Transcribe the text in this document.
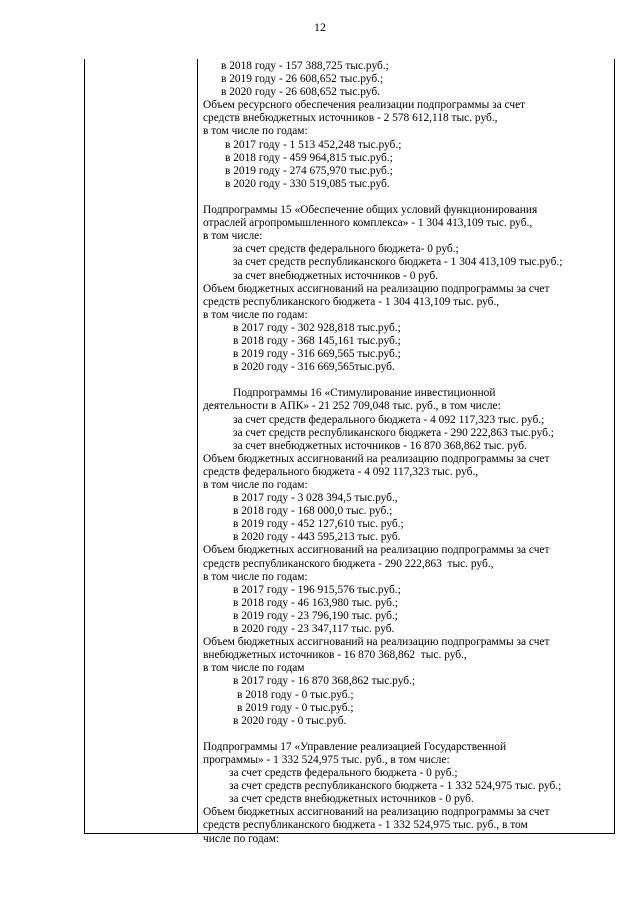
12
в 2018 году - 157 388,725 тыс.руб.;
в 2019 году - 26 608,652 тыс.руб.;
в 2020 году - 26 608,652 тыс.руб.
Объем ресурсного обеспечения реализации подпрограммы за счет
средств внебюджетных источников - 2 578 612,118 тыс. руб.,
в том числе по годам:
в 2017 году - 1 513 452,248 тыс.руб.;
в 2018 году - 459 964,815 тыс.руб.;
в 2019 году - 274 675,970 тыс.руб.;
в 2020 году - 330 519,085 тыс.руб.
Подпрограммы 15 «Обеспечение общих условий функционирования
отраслей агропромышленного комплекса» - 1 304 413,109 тыс. руб.,
в том числе:
за счет средств федерального бюджета- 0 руб.;
за счет средств республиканского бюджета - 1 304 413,109 тыс.руб.;
за счет внебюджетных источников - 0 руб.
Объем бюджетных ассигнований на реализацию подпрограммы за счет
средств республиканского бюджета - 1 304 413,109 тыс. руб.,
в том числе по годам:
в 2017 году - 302 928,818 тыс.руб.;
в 2018 году - 368 145,161 тыс.руб.;
в 2019 году - 316 669,565 тыс.руб.;
в 2020 году - 316 669,565тыс.руб.
Подпрограммы 16 «Стимулирование инвестиционной
деятельности в АПК» - 21 252 709,048 тыс. руб., в том числе:
за счет средств федерального бюджета - 4 092 117,323 тыс. руб.;
за счет средств республиканского бюджета - 290 222,863 тыс.руб.;
за счет внебюджетных источников - 16 870 368,862 тыс. руб.
Объем бюджетных ассигнований на реализацию подпрограммы за счет
средств федерального бюджета - 4 092 117,323 тыс. руб.,
в том числе по годам:
в 2017 году - 3 028 394,5 тыс.руб.,
в 2018 году - 168 000,0 тыс. руб.;
в 2019 году - 452 127,610 тыс. руб.;
в 2020 году - 443 595,213 тыс. руб.
Объем бюджетных ассигнований на реализацию подпрограммы за счет
средств республиканского бюджета - 290 222,863  тыс. руб.,
в том числе по годам:
в 2017 году - 196 915,576 тыс.руб.;
в 2018 году - 46 163,980 тыс. руб.;
в 2019 году - 23 796,190 тыс. руб.;
в 2020 году - 23 347,117 тыс. руб.
Объем бюджетных ассигнований на реализацию подпрограммы за счет
внебюджетных источников - 16 870 368,862  тыс. руб.,
в том числе по годам
в 2017 году - 16 870 368,862 тыс.руб.;
в 2018 году - 0 тыс.руб.;
в 2019 году - 0 тыс.руб.;
в 2020 году - 0 тыс.руб.
Подпрограммы 17 «Управление реализацией Государственной
программы» - 1 332 524,975 тыс. руб., в том числе:
за счет средств федерального бюджета - 0 руб.;
за счет средств республиканского бюджета - 1 332 524,975 тыс. руб.;
за счет средств внебюджетных источников - 0 руб.
Объем бюджетных ассигнований на реализацию подпрограммы за счет
средств республиканского бюджета - 1 332 524,975 тыс. руб., в том
числе по годам:
